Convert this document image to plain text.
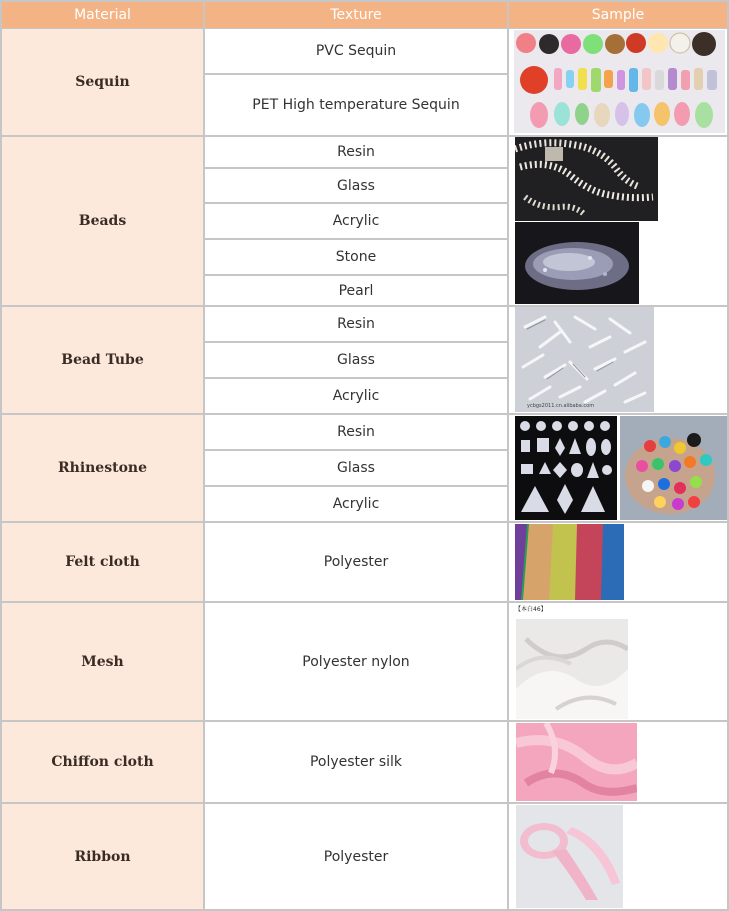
Material	Texture	Sample
Sequin
Beads
Bead Tube
Rhinestone
Felt cloth
Mesh
Chiffon cloth
Ribbon
PVC Sequin
PET High temperature Sequin
Resin
Glass
Acrylic
Stone
Pearl
Resin
Glass
Acrylic
Resin
Glass
Acrylic
Polyester
Polyester nylon
Polyester silk
Polyester
ycbgs2011.cn.alibaba.com
【本白46】
